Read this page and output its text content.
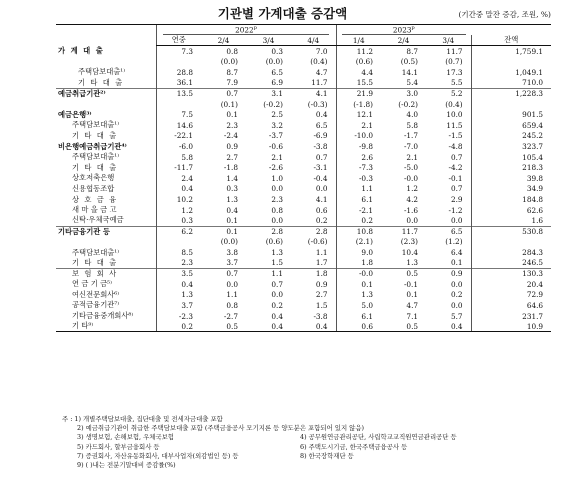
기관별 가계대출 증감액	(기간중 말잔 증감, 조원, %)
	2022$^p$				2023$^p$	
	연중	2/4	3/4	4/4	1/4	2/4	3/4	잔액
가 계 대 출	7.3	0.8	0.3	7.0	11.2	8.7	11.7	1,759.1
		(0.0)	(0.0)	(0.4)	(0.6)	(0.5)	(0.7)	
주택담보대출¹⁾	28.8	8.7	6.5	4.7	4.4	14.1	17.3	1,049.1
기 타 대 출	36.1	7.9	6.9	11.7	15.5	5.4	5.5	710.0
예금취급기관²⁾	13.5	0.7	3.1	4.1	21.9	3.0	5.2	1,228.3
		(0.1)	(-0.2)	(-0.3)	(-1.8)	(-0.2)	(0.4)	
예금은행³⁾	7.5	0.1	2.5	0.4	12.1	4.0	10.0	901.5
주택담보대출¹⁾	14.6	2.3	3.2	6.5	2.1	5.8	11.5	659.4
기 타 대 출	-22.1	-2.4	-3.7	-6.9	-10.0	-1.7	-1.5	245.2
비은행예금취급기관⁴⁾	-6.0	0.9	-0.6	-3.8	-9.8	-7.0	-4.8	323.7
주택담보대출¹⁾	5.8	2.7	2.1	0.7	2.6	2.1	0.7	105.4
기 타 대 출	-11.7	-1.8	-2.6	-3.1	-7.3	-5.0	-4.2	218.3
상호저축은행	2.4	1.4	1.0	-0.4	-0.3	-0.0	-0.1	39.8
신용협동조합	0.4	0.3	0.0	0.0	1.1	1.2	0.7	34.9
상 호 금 융	10.2	1.3	2.3	4.1	6.1	4.2	2.9	184.8
새 마 을 금 고	1.2	0.4	0.8	0.6	-2.1	-1.6	-1.2	62.6
신탁·우체국예금	0.3	0.1	0.0	0.2	0.2	0.0	0.0	1.6
기타금융기관 등	6.2	0.1	2.8	2.8	10.8	11.7	6.5	530.8
		(0.0)	(0.6)	(-0.6)	(2.1)	(2.3)	(1.2)	
주택담보대출¹⁾	8.5	3.8	1.3	1.1	9.0	10.4	6.4	284.3
기 타 대 출	2.3	3.7	1.5	1.7	1.8	1.3	0.1	246.5
보 험 회 사	3.5	0.7	1.1	1.8	-0.0	0.5	0.9	130.3
연 금 기 금⁵⁾	0.4	0.0	0.7	0.9	0.1	-0.1	0.0	20.4
여신전문회사⁶⁾	1.3	1.1	0.0	2.7	1.3	0.1	0.2	72.9
공적금융기관⁷⁾	3.7	0.8	0.2	1.5	5.0	4.7	0.0	64.6
기타금융중개회사⁸⁾	-2.3	-2.7	0.4	-3.8	6.1	7.1	5.7	231.7
기 타⁹⁾	0.2	0.5	0.4	0.4	0.6	0.5	0.4	10.9
주 : 1) 개별주택담보대출, 집단대출 및 전세자금대출 포함
2) 예금취급기관이 취급한 주택담보대출 포함 (주택금융공사 모기지론 등 양도분은 포함되어 있지 않음)
3) 생명보험, 손해보험, 우체국보험	4) 공무원연금관리공단, 사립학교교직원연금관리공단 등
5) 카드회사, 할부금융회사 등	6) 주택도시기금, 한국주택금융공사 등
7) 증권회사, 자산유동화회사, 대부사업자(외감법인 등) 등	8) 한국장학재단 등
9) ( )내는 전분기말대비 증감률(%)
